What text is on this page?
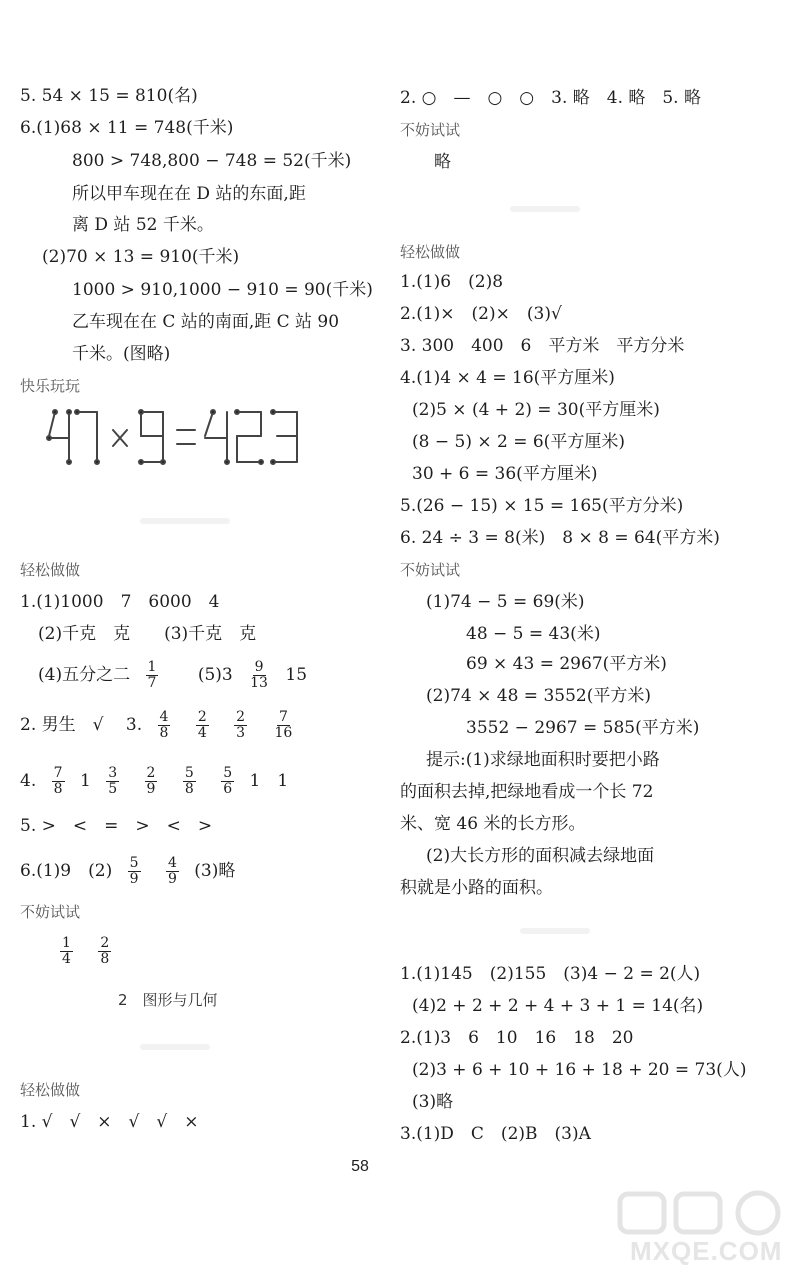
5. 54 × 15 = 810(名)
6.(1)68 × 11 = 748(千米)
800 > 748,800 − 748 = 52(千米)
所以甲车现在在 D 站的东面,距
离 D 站 52 千米。
(2)70 × 13 = 910(千米)
1000 > 910,1000 − 910 = 90(千米)
乙车现在在 C 站的南面,距 C 站 90
千米。(图略)
快乐玩玩
轻松做做
1.(1)1000　7　6000　4
(2)千克　克　　(3)千克　克
(4)五分之二 $\frac{1}{7} (5)3 \frac{9}{13} 15$
2. 男生　√　 3. $\frac{4}{8}$
$\frac{2}{4}$
$\frac{2}{3}$
$\frac{7}{16}$
4. $\frac{7}{8} 1 \frac{3}{5}$
$\frac{2}{9}$
$\frac{5}{8}$
$\frac{5}{6} 1$　1
5. >　<　=　>　<　>
6.(1)9　$(2) \frac{5}{9}$
$\frac{4}{9} (3)$略
不妨试试
$\frac{1}{4}$
$\frac{2}{8}$
2　图形与几何
轻松做做
1. √　√　×　√　√　×
2. ○　—　○　○　3. 略　4. 略　5. 略
不妨试试
略
轻松做做
1.(1)6　(2)8
2.(1)×　(2)×　(3)√
3. 300　400　6　平方米　平方分米
4.(1)4 × 4 = 16(平方厘米)
(2)5 × (4 + 2) = 30(平方厘米)
(8 − 5) × 2 = 6(平方厘米)
30 + 6 = 36(平方厘米)
5.(26 − 15) × 15 = 165(平方分米)
6. 24 ÷ 3 = 8(米)　8 × 8 = 64(平方米)
不妨试试
(1)74 − 5 = 69(米)
48 − 5 = 43(米)
69 × 43 = 2967(平方米)
(2)74 × 48 = 3552(平方米)
3552 − 2967 = 585(平方米)
提示:(1)求绿地面积时要把小路
的面积去掉,把绿地看成一个长 72
米、宽 46 米的长方形。
(2)大长方形的面积减去绿地面
积就是小路的面积。
1.(1)145　(2)155　(3)4 − 2 = 2(人)
(4)2 + 2 + 2 + 4 + 3 + 1 = 14(名)
2.(1)3　6　10　16　18　20
(2)3 + 6 + 10 + 16 + 18 + 20 = 73(人)
(3)略
3.(1)D　C　(2)B　(3)A
58
MXQE.COM
